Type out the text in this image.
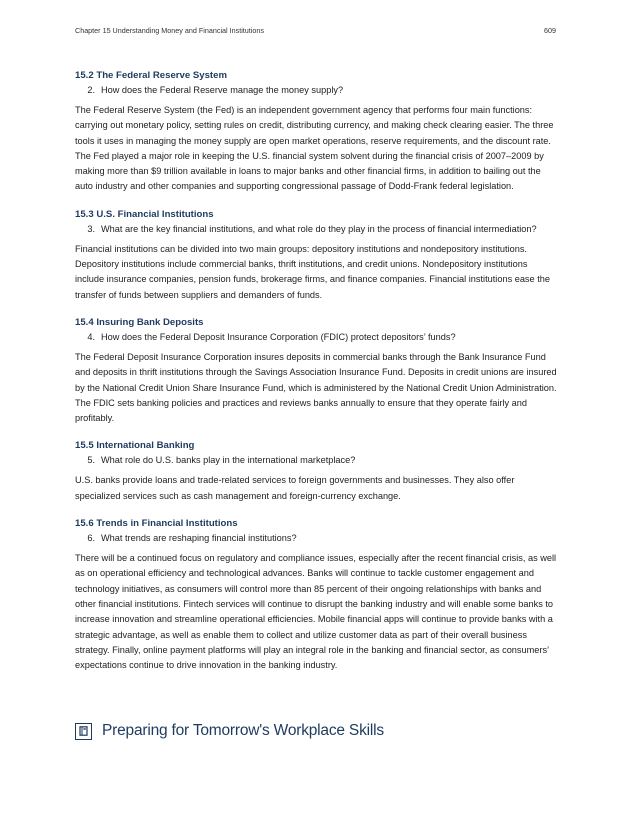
Chapter 15 Understanding Money and Financial Institutions	609
15.2 The Federal Reserve System
2. How does the Federal Reserve manage the money supply?

The Federal Reserve System (the Fed) is an independent government agency that performs four main functions: carrying out monetary policy, setting rules on credit, distributing currency, and making check clearing easier. The three tools it uses in managing the money supply are open market operations, reserve requirements, and the discount rate. The Fed played a major role in keeping the U.S. financial system solvent during the financial crisis of 2007–2009 by making more than $9 trillion available in loans to major banks and other financial firms, in addition to bailing out the auto industry and other companies and supporting congressional passage of Dodd-Frank federal legislation.

15.3 U.S. Financial Institutions
3. What are the key financial institutions, and what role do they play in the process of financial intermediation?

Financial institutions can be divided into two main groups: depository institutions and nondepository institutions. Depository institutions include commercial banks, thrift institutions, and credit unions. Nondepository institutions include insurance companies, pension funds, brokerage firms, and finance companies. Financial institutions ease the transfer of funds between suppliers and demanders of funds.

15.4 Insuring Bank Deposits
4. How does the Federal Deposit Insurance Corporation (FDIC) protect depositors’ funds?

The Federal Deposit Insurance Corporation insures deposits in commercial banks through the Bank Insurance Fund and deposits in thrift institutions through the Savings Association Insurance Fund. Deposits in credit unions are insured by the National Credit Union Share Insurance Fund, which is administered by the National Credit Union Administration. The FDIC sets banking policies and practices and reviews banks annually to ensure that they operate fairly and profitably.

15.5 International Banking
5. What role do U.S. banks play in the international marketplace?

U.S. banks provide loans and trade-related services to foreign governments and businesses. They also offer specialized services such as cash management and foreign-currency exchange.

15.6 Trends in Financial Institutions
6. What trends are reshaping financial institutions?

There will be a continued focus on regulatory and compliance issues, especially after the recent financial crisis, as well as on operational efficiency and technological advances. Banks will continue to tackle customer engagement and technology initiatives, as consumers will control more than 85 percent of their ongoing relationships with banks and other financial institutions. Fintech services will continue to disrupt the banking industry and will enable some banks to increase innovation and streamline operational efficiencies. Mobile financial apps will continue to provide banks with a strategic advantage, as well as enable them to collect and utilize customer data as part of their overall business strategy. Finally, online payment platforms will play an integral role in the banking and financial sector, as consumers’ expectations continue to drive innovation in the banking industry.

Preparing for Tomorrow's Workplace Skills
